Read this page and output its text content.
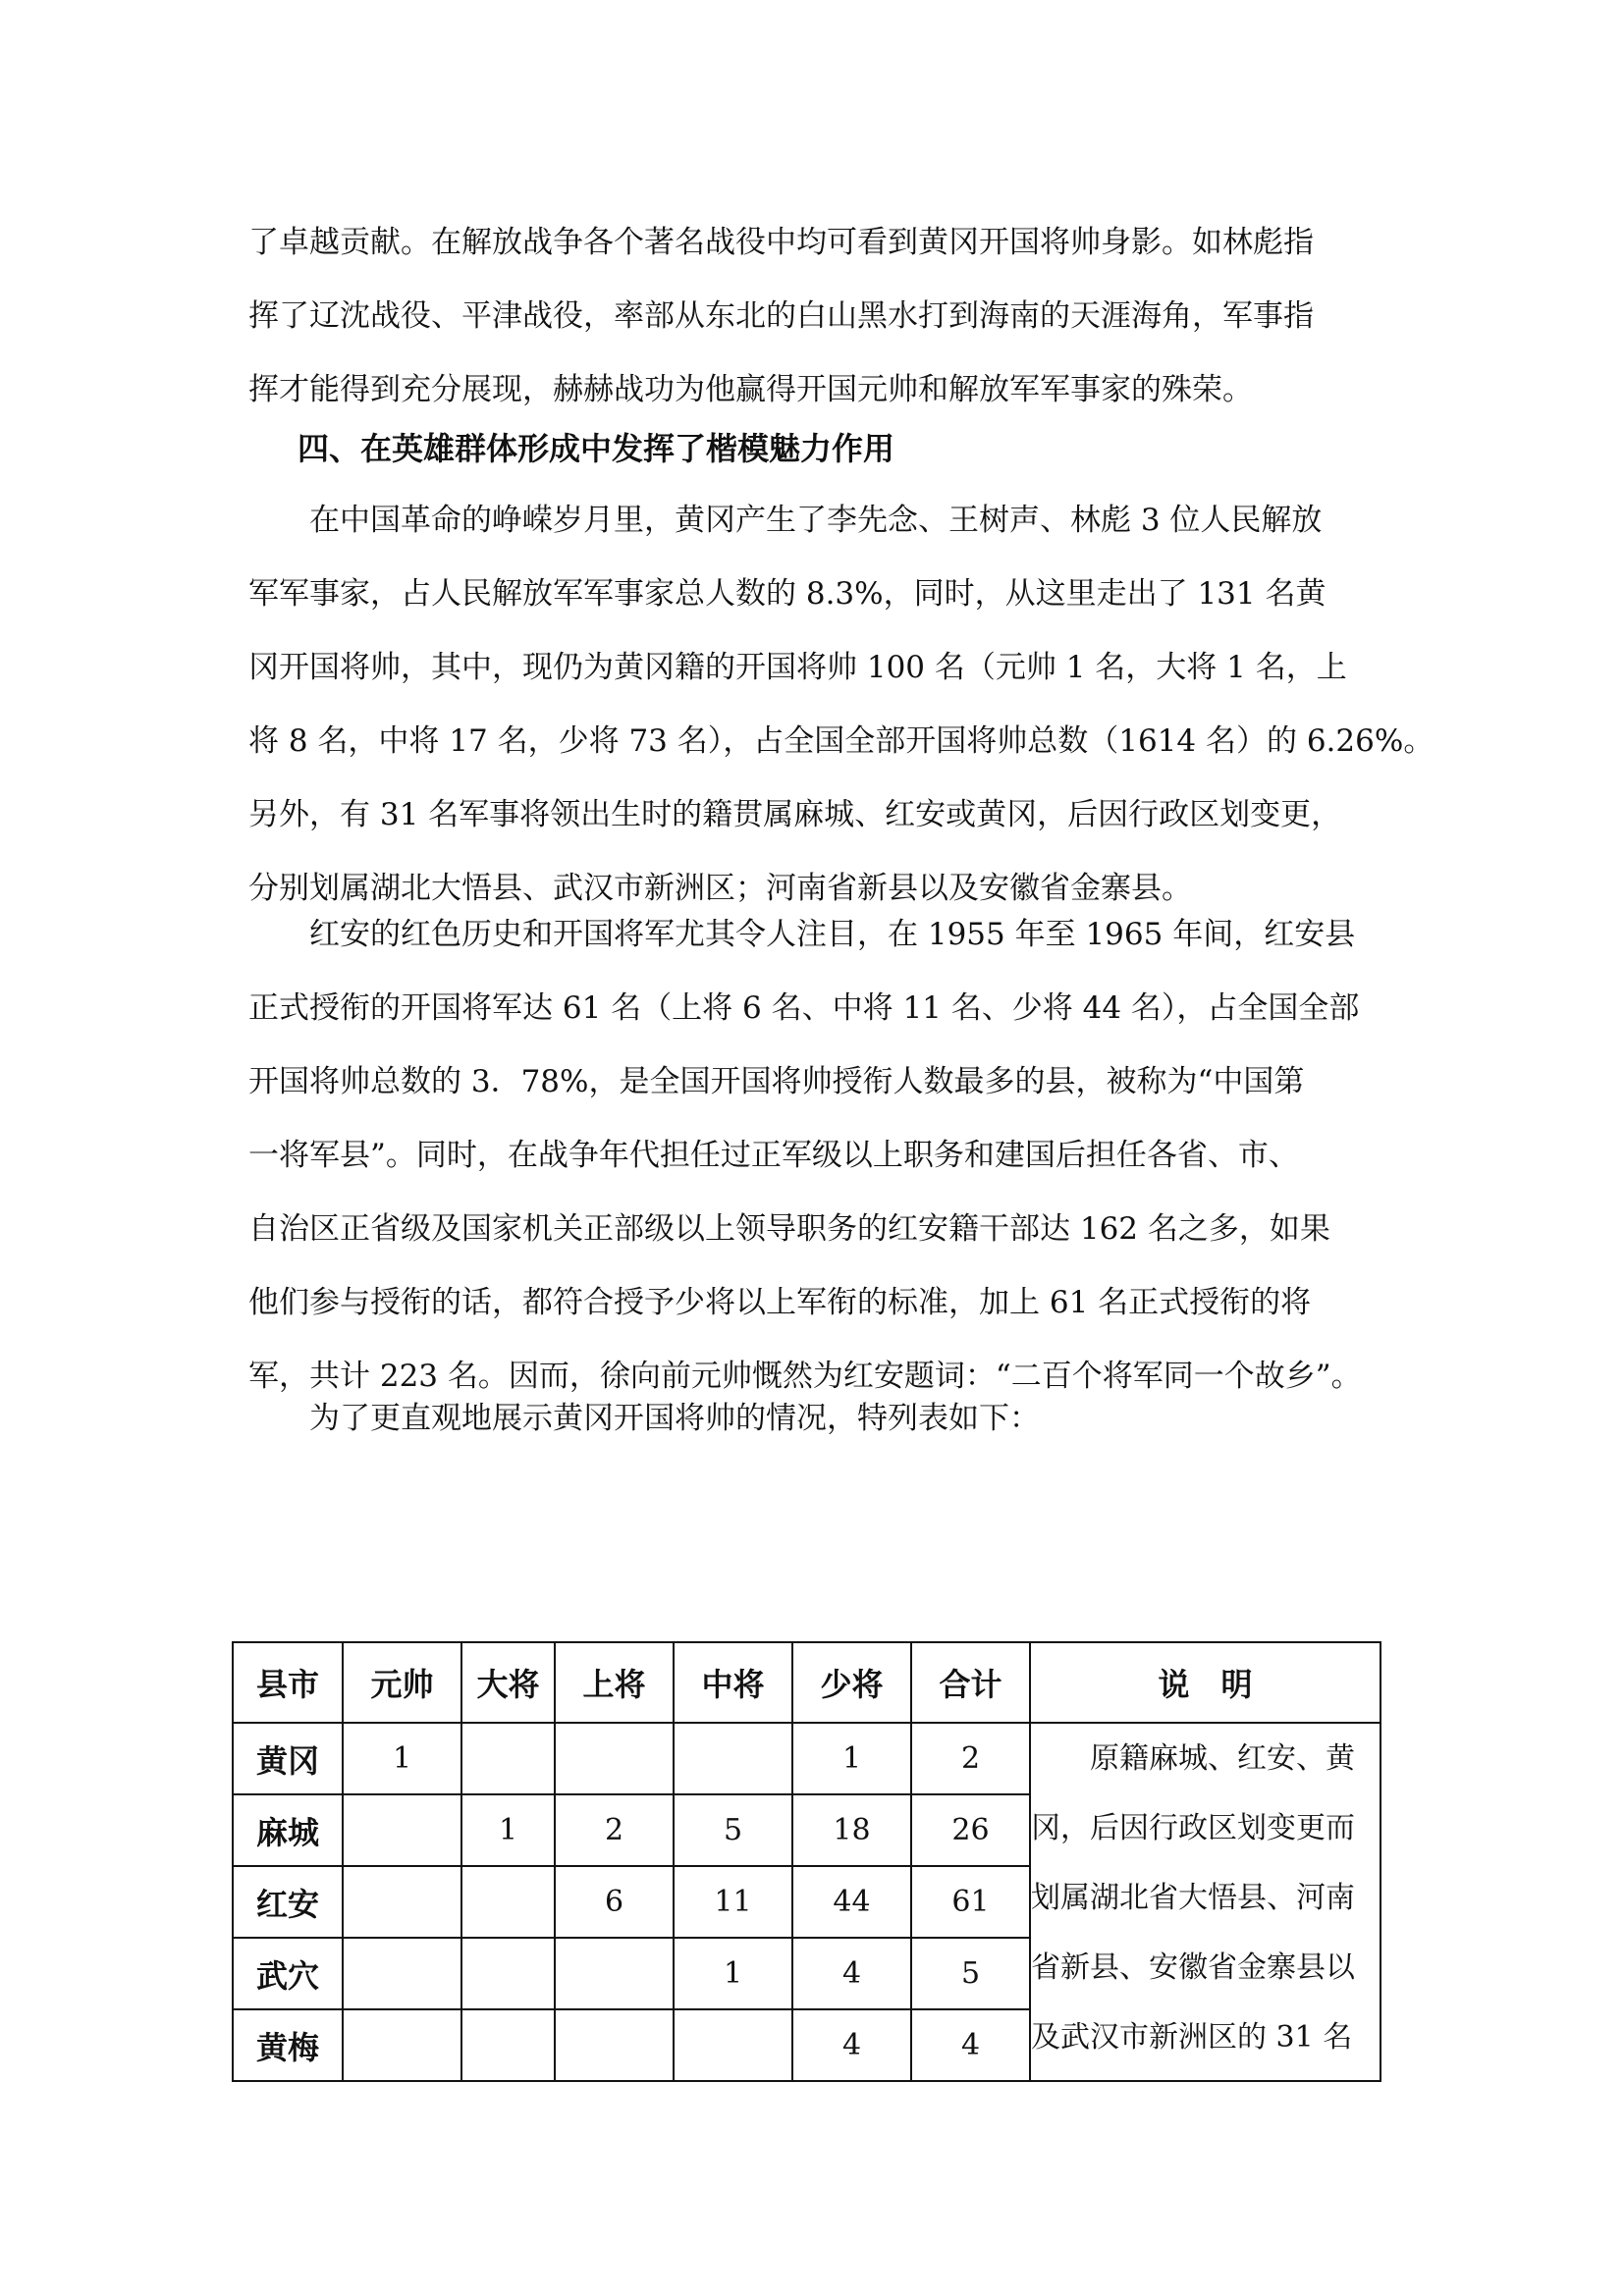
了卓越贡献。在解放战争各个著名战役中均可看到黄冈开国将帅身影。如林彪指
挥了辽沈战役、平津战役，率部从东北的白山黑水打到海南的天涯海角，军事指
挥才能得到充分展现，赫赫战功为他赢得开国元帅和解放军军事家的殊荣。
四、在英雄群体形成中发挥了楷模魅力作用
在中国革命的峥嵘岁月里，黄冈产生了李先念、王树声、林彪 3 位人民解放
军军事家，占人民解放军军事家总人数的 8.3%，同时，从这里走出了 131 名黄
冈开国将帅，其中，现仍为黄冈籍的开国将帅 100 名（元帅 1 名，大将 1 名，上
将 8 名，中将 17 名，少将 73 名），占全国全部开国将帅总数（1614 名）的 6.26%。
另外，有 31 名军事将领出生时的籍贯属麻城、红安或黄冈，后因行政区划变更，
分别划属湖北大悟县、武汉市新洲区；河南省新县以及安徽省金寨县。
红安的红色历史和开国将军尤其令人注目，在 1955 年至 1965 年间，红安县
正式授衔的开国将军达 61 名（上将 6 名、中将 11 名、少将 44 名），占全国全部
开国将帅总数的 3．78%，是全国开国将帅授衔人数最多的县，被称为“中国第
一将军县”。同时，在战争年代担任过正军级以上职务和建国后担任各省、市、
自治区正省级及国家机关正部级以上领导职务的红安籍干部达 162 名之多，如果
他们参与授衔的话，都符合授予少将以上军衔的标准，加上 61 名正式授衔的将
军，共计 223 名。因而，徐向前元帅慨然为红安题词：“二百个将军同一个故乡”。
为了更直观地展示黄冈开国将帅的情况，特列表如下：
县市	元帅	大将	上将	中将	少将	合计	说　明
黄冈	1				1	2	原籍麻城、红安、黄
冈，后因行政区划变更而
划属湖北省大悟县、河南
省新县、安徽省金寨县以
及武汉市新洲区的 31 名

麻城		1	2	5	18	26	
红安			6	11	44	61	
武穴				1	4	5	
黄梅					4	4	
